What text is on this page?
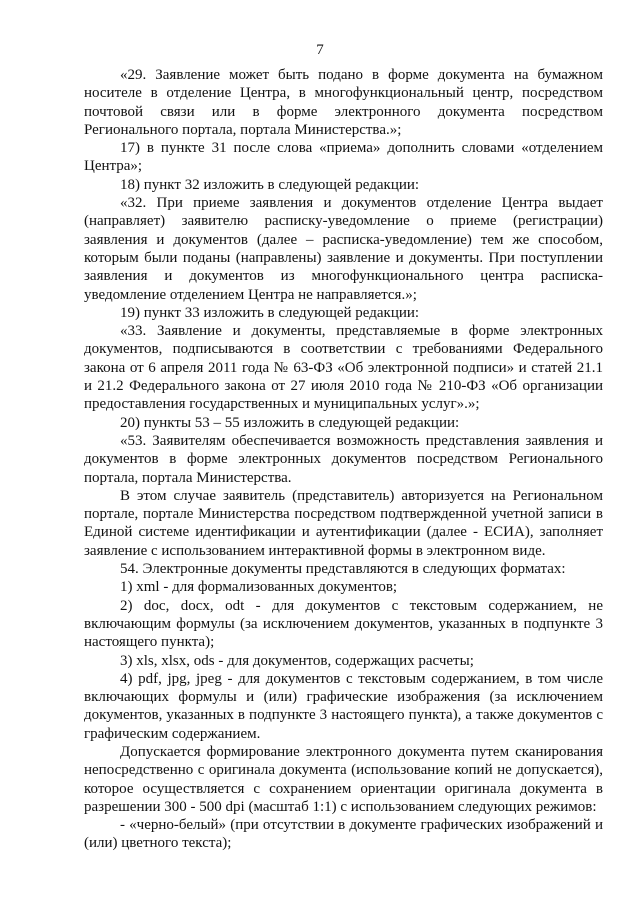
7

«29. Заявление может быть подано в форме документа на бумажном носителе в отделение Центра, в многофункциональный центр, посредством почтовой связи или в форме электронного документа посредством Регионального портала, портала Министерства.»;

17) в пункте 31 после слова «приема» дополнить словами «отделением Центра»;

18) пункт 32 изложить в следующей редакции:

«32. При приеме заявления и документов отделение Центра выдает (направляет) заявителю расписку-уведомление о приеме (регистрации) заявления и документов (далее – расписка-уведомление) тем же способом, которым были поданы (направлены) заявление и документы. При поступлении заявления и документов из многофункционального центра расписка-уведомление отделением Центра не направляется.»;

19) пункт 33 изложить в следующей редакции:

«33. Заявление и документы, представляемые в форме электронных документов, подписываются в соответствии с требованиями Федерального закона от 6 апреля 2011 года № 63-ФЗ «Об электронной подписи» и статей 21.1 и 21.2 Федерального закона от 27 июля 2010 года № 210-ФЗ «Об организации предоставления государственных и муниципальных услуг».»;

20) пункты 53 – 55 изложить в следующей редакции:

«53. Заявителям обеспечивается возможность представления заявления и документов в форме электронных документов посредством Регионального портала, портала Министерства.

В этом случае заявитель (представитель) авторизуется на Региональном портале, портале Министерства посредством подтвержденной учетной записи в Единой системе идентификации и аутентификации (далее - ЕСИА), заполняет заявление с использованием интерактивной формы в электронном виде.

54. Электронные документы представляются в следующих форматах:

1) xml - для формализованных документов;

2) doc, docx, odt - для документов с текстовым содержанием, не включающим формулы (за исключением документов, указанных в подпункте 3 настоящего пункта);

3) xls, xlsx, ods - для документов, содержащих расчеты;

4) pdf, jpg, jpeg - для документов с текстовым содержанием, в том числе включающих формулы и (или) графические изображения (за исключением документов, указанных в подпункте 3 настоящего пункта), а также документов с графическим содержанием.

Допускается формирование электронного документа путем сканирования непосредственно с оригинала документа (использование копий не допускается), которое осуществляется с сохранением ориентации оригинала документа в разрешении 300 - 500 dpi (масштаб 1:1) с использованием следующих режимов:

- «черно-белый» (при отсутствии в документе графических изображений и (или) цветного текста);
